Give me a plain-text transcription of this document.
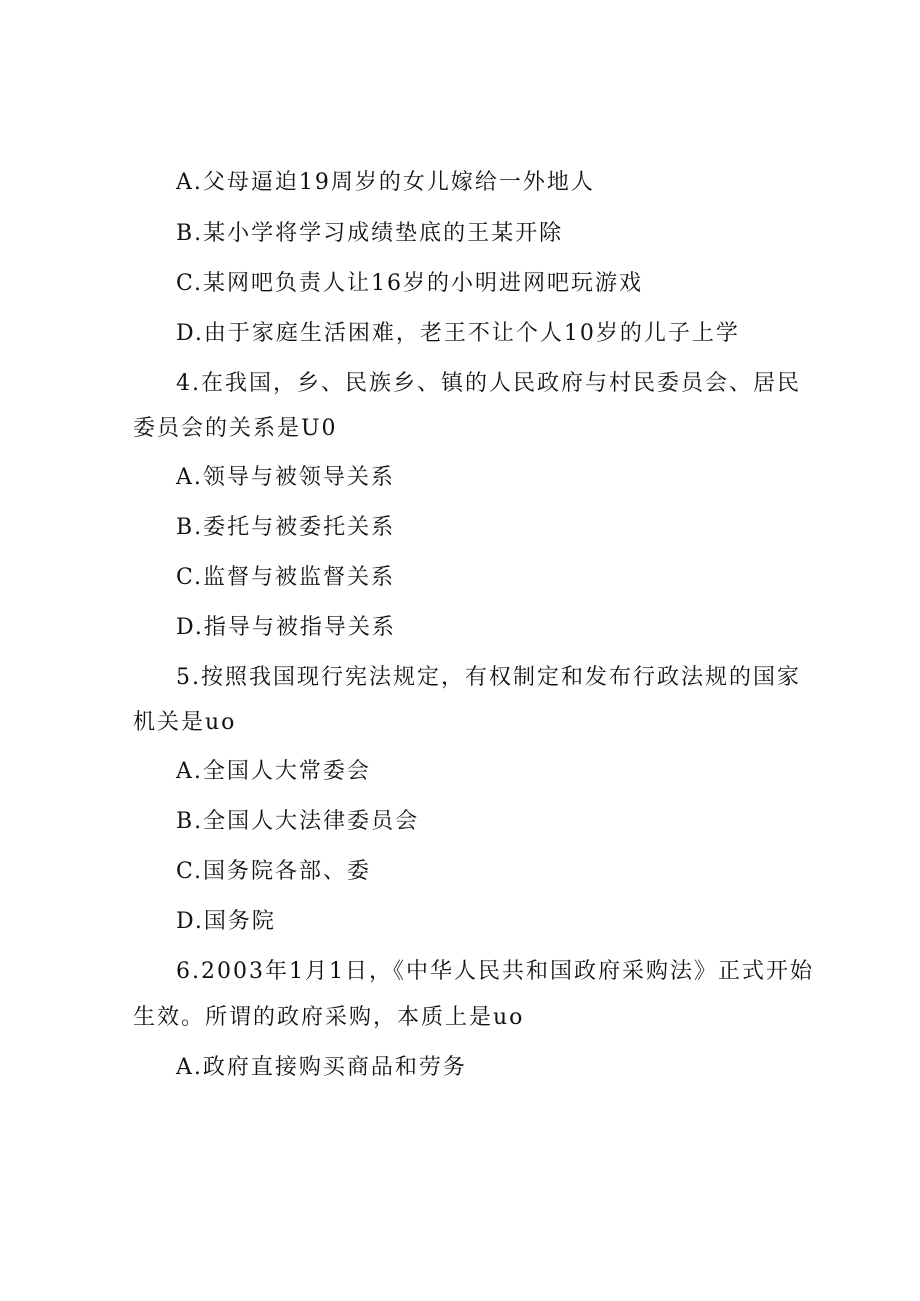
A.父母逼迫19周岁的女儿嫁给一外地人
B.某小学将学习成绩垫底的王某开除
C.某网吧负责人让16岁的小明进网吧玩游戏
D.由于家庭生活困难，老王不让个人10岁的儿子上学
4.在我国，乡、民族乡、镇的人民政府与村民委员会、居民
委员会的关系是U0
A.领导与被领导关系
B.委托与被委托关系
C.监督与被监督关系
D.指导与被指导关系
5.按照我国现行宪法规定，有权制定和发布行政法规的国家
机关是uo
A.全国人大常委会
B.全国人大法律委员会
C.国务院各部、委
D.国务院
6.2003年1月1日，《中华人民共和国政府采购法》正式开始
生效。所谓的政府采购，本质上是uo
A.政府直接购买商品和劳务
